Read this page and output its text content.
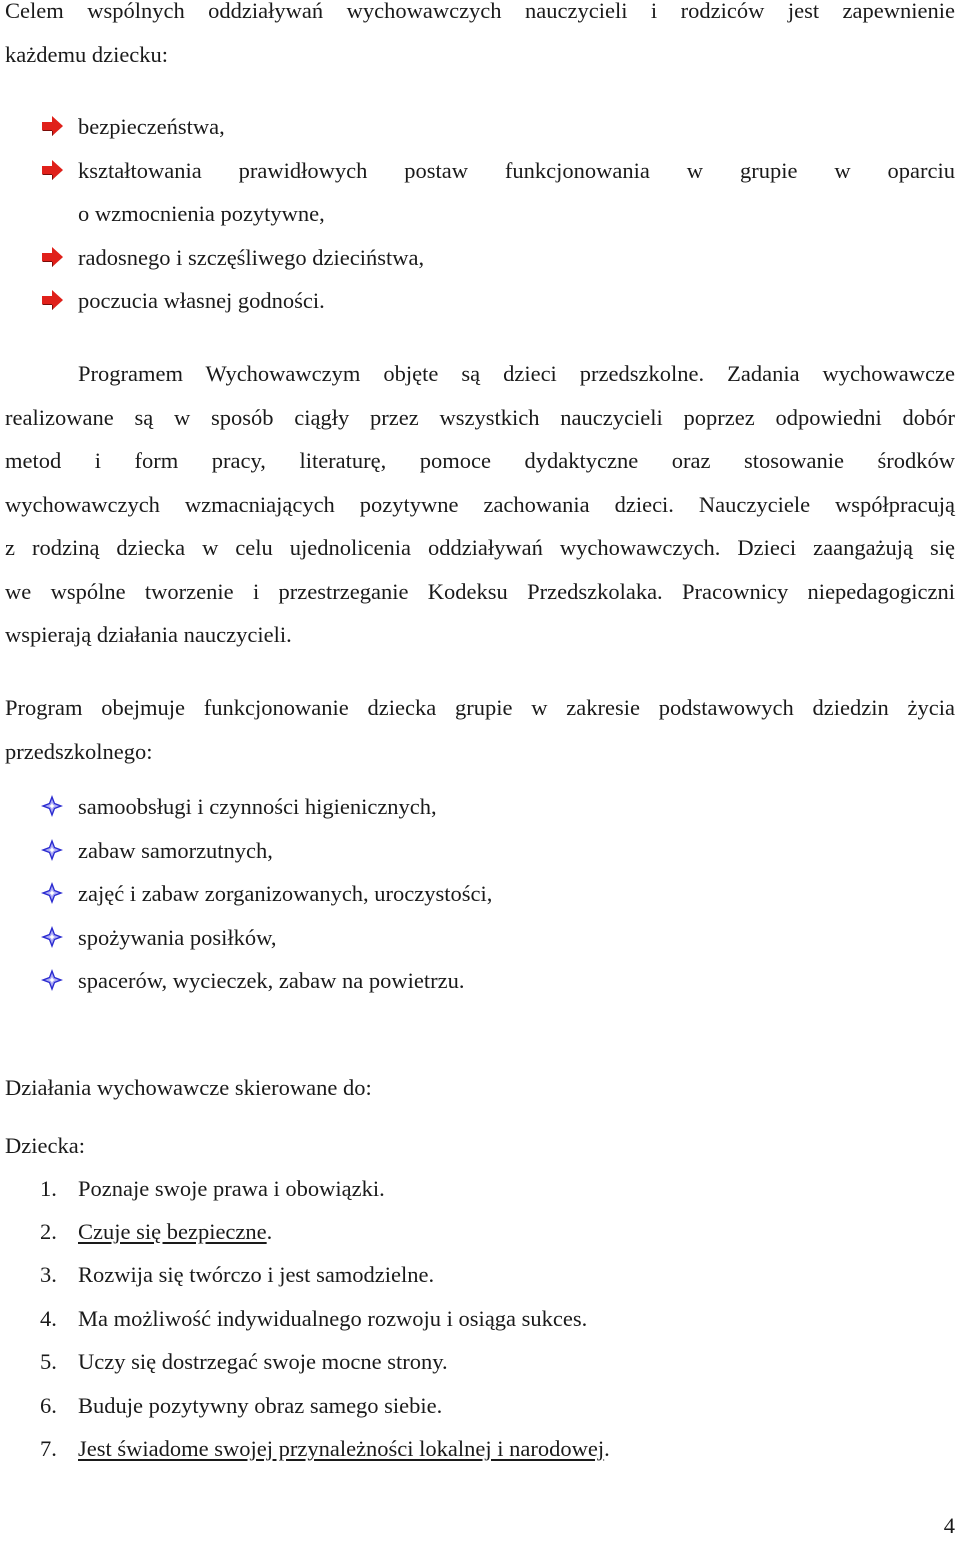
Celem wspólnych oddziaływań wychowawczych nauczycieli i rodziców jest zapewnienie
każdemu dziecku:
bezpieczeństwa,
kształtowania prawidłowych postaw funkcjonowania w grupie w oparciu
o wzmocnienia pozytywne,
radosnego i szczęśliwego dzieciństwa,
poczucia własnej godności.
Programem Wychowawczym objęte są dzieci przedszkolne. Zadania wychowawcze
realizowane są w sposób ciągły przez wszystkich nauczycieli poprzez odpowiedni dobór
metod i form pracy, literaturę, pomoce dydaktyczne oraz stosowanie środków
wychowawczych wzmacniających pozytywne zachowania dzieci. Nauczyciele współpracują
z rodziną dziecka w celu ujednolicenia oddziaływań wychowawczych. Dzieci zaangażują się
we wspólne tworzenie i przestrzeganie Kodeksu Przedszkolaka. Pracownicy niepedagogiczni
wspierają działania nauczycieli.
Program obejmuje funkcjonowanie dziecka grupie w zakresie podstawowych dziedzin życia
przedszkolnego:
samoobsługi i czynności higienicznych,
zabaw samorzutnych,
zajęć i zabaw zorganizowanych, uroczystości,
spożywania posiłków,
spacerów, wycieczek, zabaw na powietrzu.
Działania wychowawcze skierowane do:
Dziecka:
1. Poznaje swoje prawa i obowiązki.
2. Czuje się bezpieczne.
3. Rozwija się twórczo i jest samodzielne.
4. Ma możliwość indywidualnego rozwoju i osiąga sukces.
5. Uczy się dostrzegać swoje mocne strony.
6. Buduje pozytywny obraz samego siebie.
7. Jest świadome swojej przynależności lokalnej i narodowej.
4
